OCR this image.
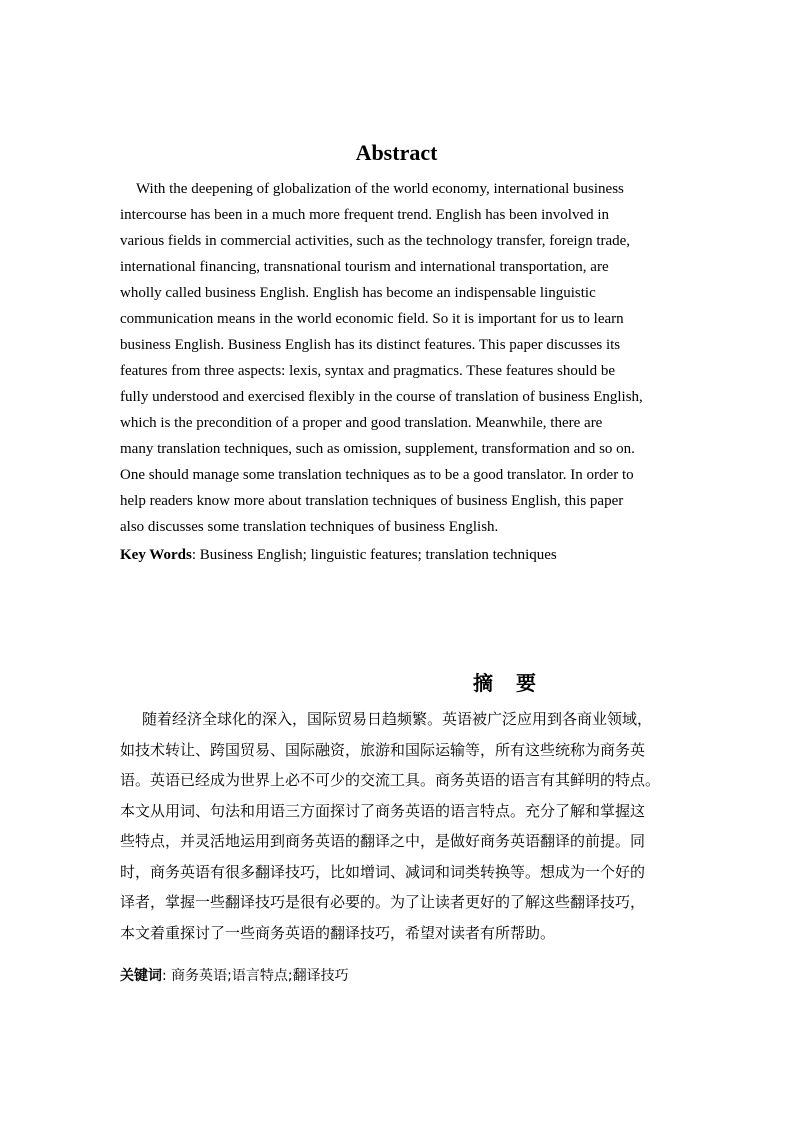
Abstract

With the deepening of globalization of the world economy, international business
intercourse has been in a much more frequent trend. English has been involved in
various fields in commercial activities, such as the technology transfer, foreign trade,
international financing, transnational tourism and international transportation, are
wholly called business English. English has become an indispensable linguistic
communication means in the world economic field. So it is important for us to learn
business English. Business English has its distinct features. This paper discusses its
features from three aspects: lexis, syntax and pragmatics. These features should be
fully understood and exercised flexibly in the course of translation of business English,
which is the precondition of a proper and good translation. Meanwhile, there are
many translation techniques, such as omission, supplement, transformation and so on.
One should manage some translation techniques as to be a good translator. In order to
help readers know more about translation techniques of business English, this paper
also discusses some translation techniques of business English.

Key Words: Business English; linguistic features; translation techniques
摘 要

随着经济全球化的深入，国际贸易日趋频繁。英语被广泛应用到各商业领域，
如技术转让、跨国贸易、国际融资，旅游和国际运输等，所有这些统称为商务英
语。英语已经成为世界上必不可少的交流工具。商务英语的语言有其鲜明的特点。
本文从用词、句法和用语三方面探讨了商务英语的语言特点。充分了解和掌握这
些特点，并灵活地运用到商务英语的翻译之中，是做好商务英语翻译的前提。同
时，商务英语有很多翻译技巧，比如增词、减词和词类转换等。想成为一个好的
译者，掌握一些翻译技巧是很有必要的。为了让读者更好的了解这些翻译技巧，
本文着重探讨了一些商务英语的翻译技巧，希望对读者有所帮助。

关键词: 商务英语;语言特点;翻译技巧
